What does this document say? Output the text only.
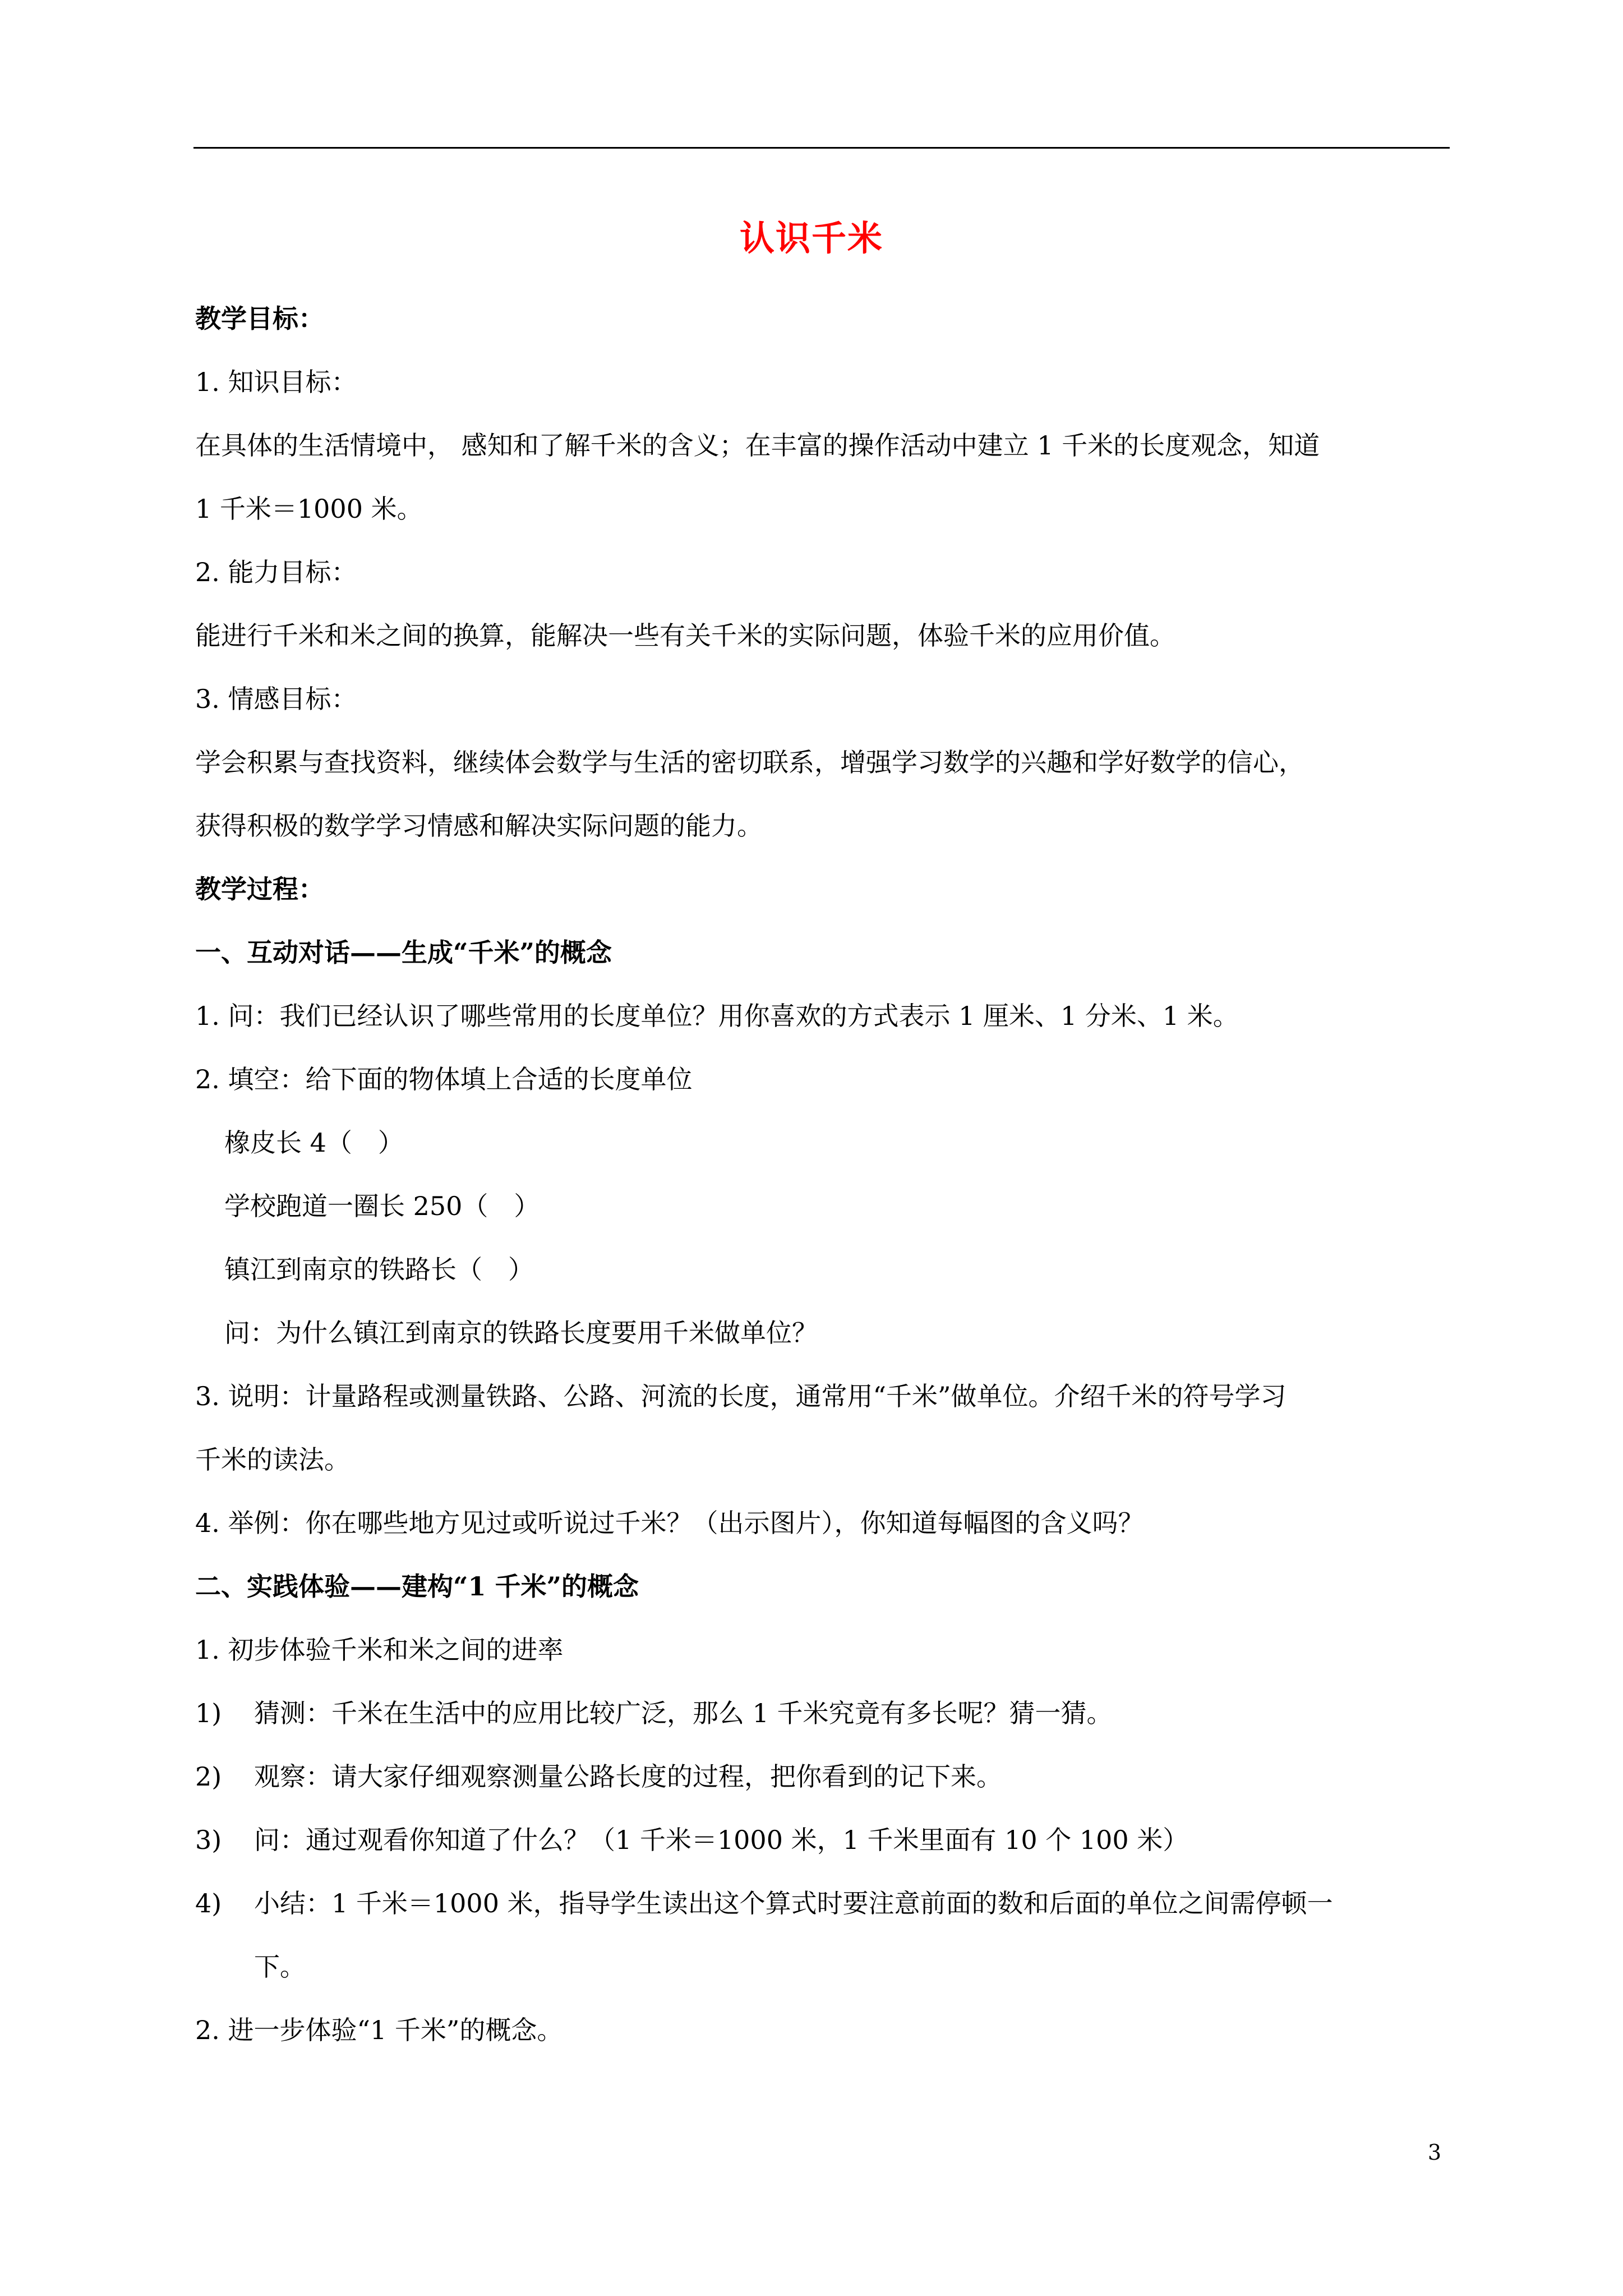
认识千米
教学目标：
1. 知识目标：
在具体的生活情境中， 感知和了解千米的含义；在丰富的操作活动中建立 1 千米的长度观念，知道
1 千米＝1000 米。
2. 能力目标：
能进行千米和米之间的换算，能解决一些有关千米的实际问题，体验千米的应用价值。
3. 情感目标：
学会积累与查找资料，继续体会数学与生活的密切联系，增强学习数学的兴趣和学好数学的信心，
获得积极的数学学习情感和解决实际问题的能力。
教学过程：
一、互动对话——生成“千米”的概念
1. 问：我们已经认识了哪些常用的长度单位？用你喜欢的方式表示 1 厘米、1 分米、1 米。
2. 填空：给下面的物体填上合适的长度单位
橡皮长 4（　）
学校跑道一圈长 250（　）
镇江到南京的铁路长（　）
问：为什么镇江到南京的铁路长度要用千米做单位？
3. 说明：计量路程或测量铁路、公路、河流的长度，通常用“千米”做单位。介绍千米的符号学习
千米的读法。
4. 举例：你在哪些地方见过或听说过千米？（出示图片），你知道每幅图的含义吗？
二、实践体验——建构“1 千米”的概念
1. 初步体验千米和米之间的进率
1)	猜测：千米在生活中的应用比较广泛，那么 1 千米究竟有多长呢？猜一猜。
2)	观察：请大家仔细观察测量公路长度的过程，把你看到的记下来。
3)	问：通过观看你知道了什么？（1 千米＝1000 米，1 千米里面有 10 个 100 米）
4)	小结：1 千米＝1000 米，指导学生读出这个算式时要注意前面的数和后面的单位之间需停顿一
下。
2. 进一步体验“1 千米”的概念。
3
